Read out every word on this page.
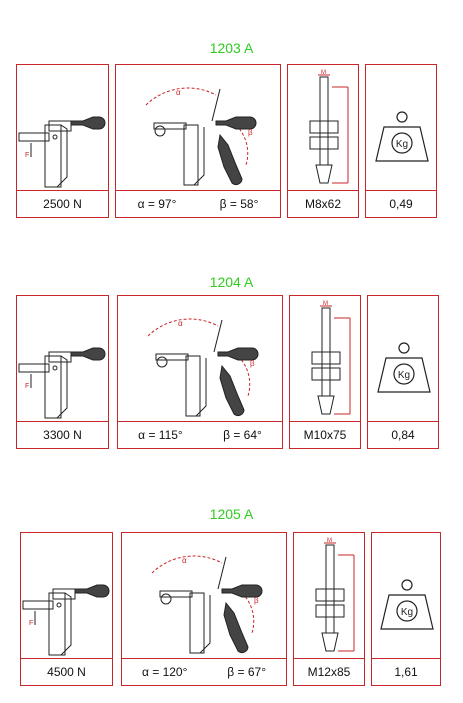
1203 A
F
2500 N
α
β
α = 97°	β = 58°
M
M8x62
Kg
0,49
1204 A
F
3300 N
α
β
α = 115°	β = 64°
M
M10x75
Kg
0,84
1205 A
F
4500 N
α
β
α = 120°	β = 67°
M
M12x85
Kg
1,61
